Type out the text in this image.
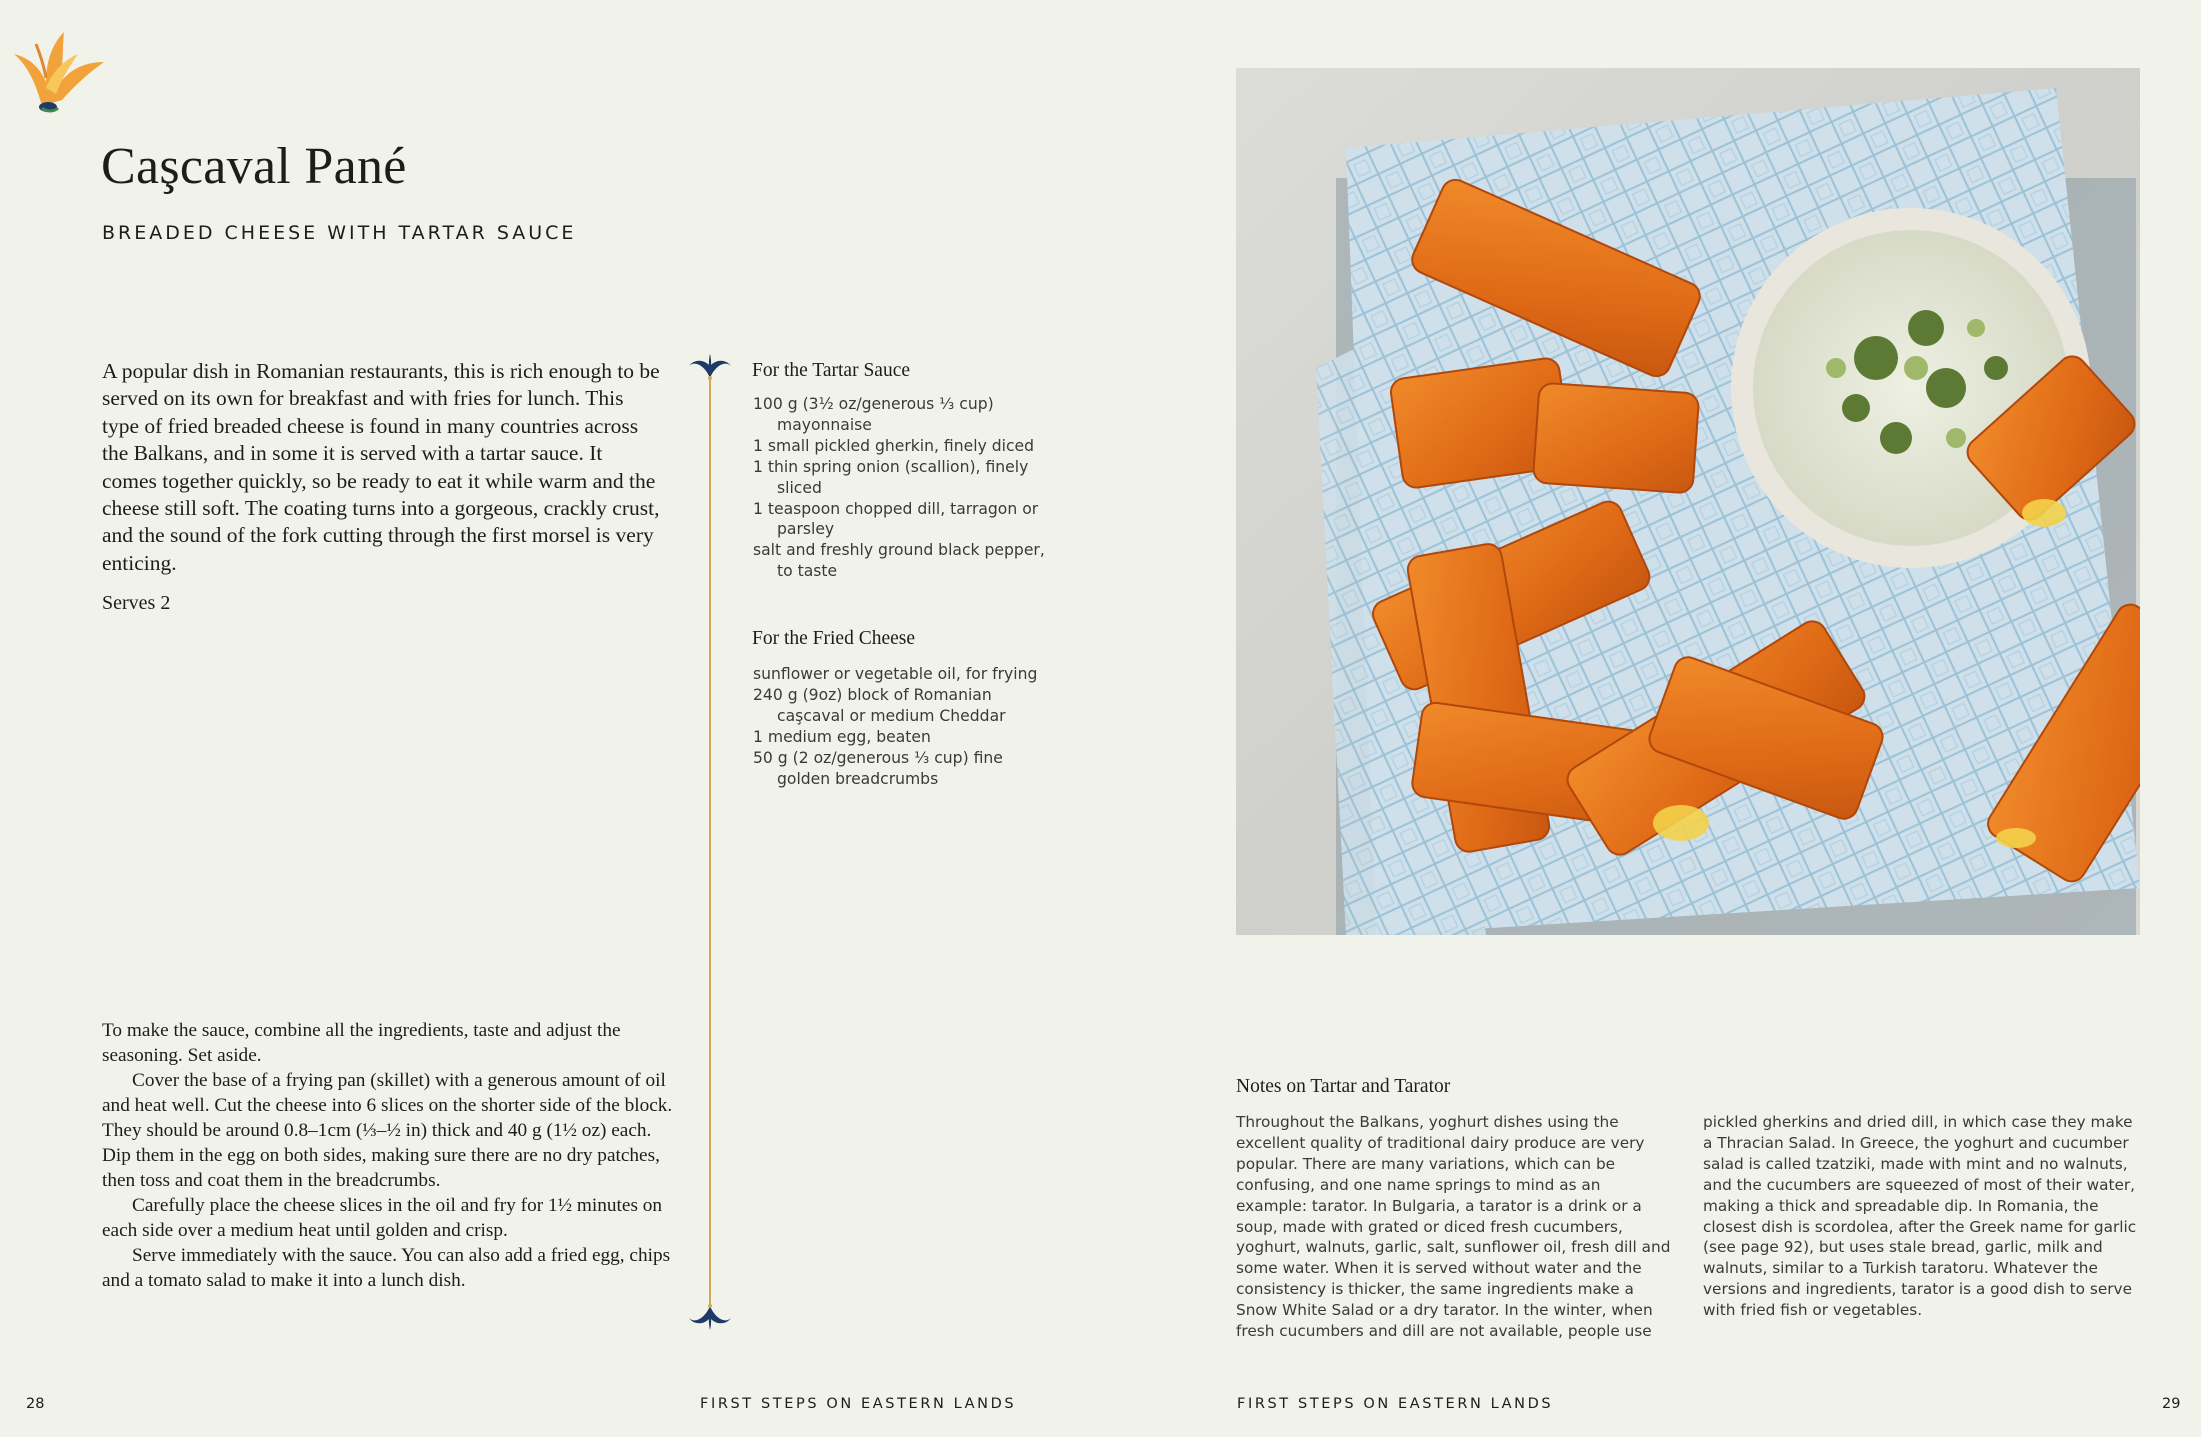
Caşcaval Pané
BREADED CHEESE WITH TARTAR SAUCE

A popular dish in Romanian restaurants, this is rich enough to be served on its own for breakfast and with fries for lunch. This type of fried breaded cheese is found in many countries across the Balkans, and in some it is served with a tartar sauce. It comes together quickly, so be ready to eat it while warm and the cheese still soft. The coating turns into a gorgeous, crackly crust, and the sound of the fork cutting through the first morsel is very enticing.

Serves 2
For the Tartar Sauce
100 g (3½ oz/generous ⅓ cup) mayonnaise
1 small pickled gherkin, finely diced
1 thin spring onion (scallion), finely sliced
1 teaspoon chopped dill, tarragon or parsley
salt and freshly ground black pepper, to taste
For the Fried Cheese
sunflower or vegetable oil, for frying
240 g (9oz) block of Romanian caşcaval or medium Cheddar
1 medium egg, beaten
50 g (2 oz/generous ⅓ cup) fine golden breadcrumbs

To make the sauce, combine all the ingredients, taste and adjust the seasoning. Set aside.

Cover the base of a frying pan (skillet) with a generous amount of oil and heat well. Cut the cheese into 6 slices on the shorter side of the block. They should be around 0.8–1cm (⅓–½ in) thick and 40 g (1½ oz) each. Dip them in the egg on both sides, making sure there are no dry patches, then toss and coat them in the breadcrumbs.

Carefully place the cheese slices in the oil and fry for 1½ minutes on each side over a medium heat until golden and crisp.

Serve immediately with the sauce. You can also add a fried egg, chips and a tomato salad to make it into a lunch dish.

Notes on Tartar and Tarator

Throughout the Balkans, yoghurt dishes using the excellent quality of traditional dairy produce are very popular. There are many variations, which can be confusing, and one name springs to mind as an example: tarator. In Bulgaria, a tarator is a drink or a soup, made with grated or diced fresh cucumbers, yoghurt, walnuts, garlic, salt, sunflower oil, fresh dill and some water. When it is served without water and the consistency is thicker, the same ingredients make a Snow White Salad or a dry tarator. In the winter, when fresh cucumbers and dill are not available, people use

pickled gherkins and dried dill, in which case they make a Thracian Salad. In Greece, the yoghurt and cucumber salad is called tzatziki, made with mint and no walnuts, and the cucumbers are squeezed of most of their water, making a thick and spreadable dip. In Romania, the closest dish is scordolea, after the Greek name for garlic (see page 92), but uses stale bread, garlic, milk and walnuts, similar to a Turkish taratoru. Whatever the versions and ingredients, tarator is a good dish to serve with fried fish or vegetables.

28	FIRST STEPS ON EASTERN LANDS	FIRST STEPS ON EASTERN LANDS	29
